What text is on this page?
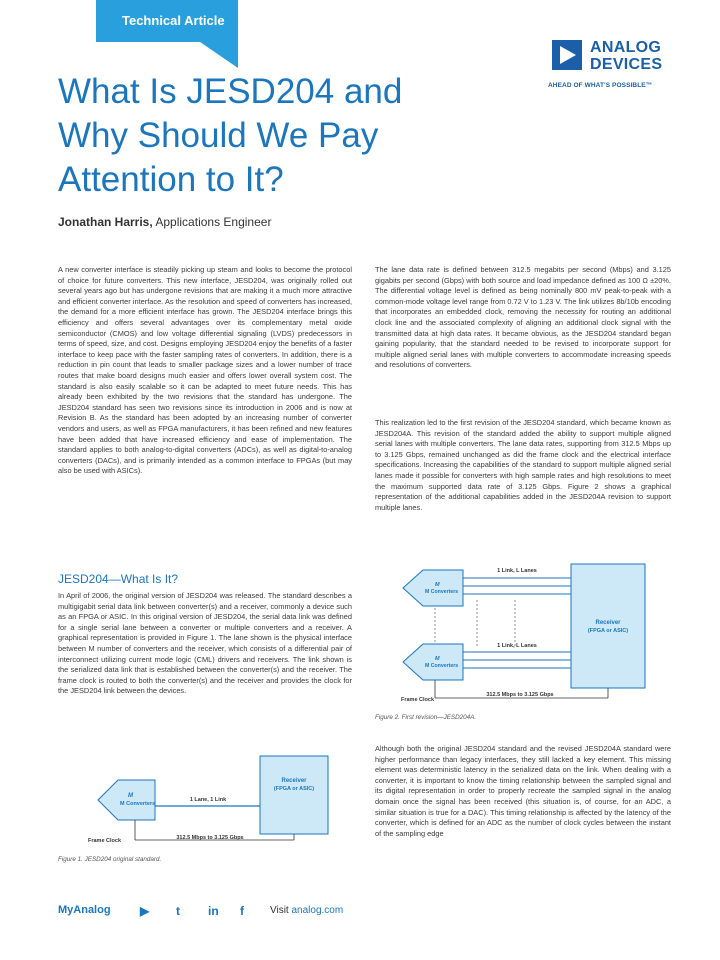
Technical Article
ANALOG
DEVICES
AHEAD OF WHAT'S POSSIBLE™
What Is JESD204 and Why Should We Pay Attention to It?
Jonathan Harris, Applications Engineer

A new converter interface is steadily picking up steam and looks to become the protocol of choice for future converters. This new interface, JESD204, was originally rolled out several years ago but has undergone revisions that are making it a much more attractive and efficient converter interface. As the resolution and speed of converters has increased, the demand for a more efficient interface has grown. The JESD204 interface brings this efficiency and offers several advantages over its complementary metal oxide semiconductor (CMOS) and low voltage differential signaling (LVDS) predecessors in terms of speed, size, and cost. Designs employing JESD204 enjoy the benefits of a faster interface to keep pace with the faster sampling rates of converters. In addition, there is a reduction in pin count that leads to smaller package sizes and a lower number of trace routes that make board designs much easier and offers lower overall system cost. The standard is also easily scalable so it can be adapted to meet future needs. This has already been exhibited by the two revisions that the standard has undergone. The JESD204 standard has seen two revisions since its introduction in 2006 and is now at Revision B. As the standard has been adopted by an increasing number of converter vendors and users, as well as FPGA manufacturers, it has been refined and new features have been added that have increased efficiency and ease of implementation. The standard applies to both analog-to-digital converters (ADCs), as well as digital-to-analog converters (DACs), and is primarily intended as a common interface to FPGAs (but may also be used with ASICs).

JESD204—What Is It?

In April of 2006, the original version of JESD204 was released. The standard describes a multigigabit serial data link between converter(s) and a receiver, commonly a device such as an FPGA or ASIC. In this original version of JESD204, the serial data link was defined for a single serial lane between a converter or multiple converters and a receiver. A graphical representation is provided in Figure 1. The lane shown is the physical interface between M number of converters and the receiver, which consists of a differential pair of interconnect utilizing current mode logic (CML) drivers and receivers. The link shown is the serialized data link that is established between the converter(s) and the receiver. The frame clock is routed to both the converter(s) and the receiver and provides the clock for the JESD204 link between the devices.

The lane data rate is defined between 312.5 megabits per second (Mbps) and 3.125 gigabits per second (Gbps) with both source and load impedance defined as 100 Ω ±20%. The differential voltage level is defined as being nominally 800 mV peak-to-peak with a common-mode voltage level range from 0.72 V to 1.23 V. The link utilizes 8b/10b encoding that incorporates an embedded clock, removing the necessity for routing an additional clock line and the associated complexity of aligning an additional clock signal with the transmitted data at high data rates. It became obvious, as the JESD204 standard began gaining popularity, that the standard needed to be revised to incorporate support for multiple aligned serial lanes with multiple converters to accommodate increasing speeds and resolutions of converters.

This realization led to the first revision of the JESD204 standard, which became known as JESD204A. This revision of the standard added the ability to support multiple aligned serial lanes with multiple converters. The lane data rates, supporting from 312.5 Mbps up to 3.125 Gbps, remained unchanged as did the frame clock and the electrical interface specifications. Increasing the capabilities of the standard to support multiple aligned serial lanes made it possible for converters with high sample rates and high resolutions to meet the maximum supported data rate of 3.125 Gbps. Figure 2 shows a graphical representation of the additional capabilities added in the JESD204A revision to support multiple lanes.

Although both the original JESD204 standard and the revised JESD204A standard were higher performance than legacy interfaces, they still lacked a key element. This missing element was deterministic latency in the serialized data on the link. When dealing with a converter, it is important to know the timing relationship between the sampled signal and its digital representation in order to properly recreate the sampled signal in the analog domain once the signal has been received (this situation is, of course, for an ADC, a similar situation is true for a DAC). This timing relationship is affected by the latency of the converter, which is defined for an ADC as the number of clock cycles between the instant of the sampling edge

M
M Converters
Receiver
(FPGA or ASIC)
1 Lane, 1 Link
Frame Clock	312.5 Mbps to 3.125 Gbps
Figure 1. JESD204 original standard.
M
M Converters
M
M Converters
Receiver
(FPGA or ASIC)
1 Link, L Lanes
1 Link, L Lanes
Frame Clock
312.5 Mbps to 3.125 Gbps
Figure 2. First revision—JESD204A.
MyAnalog ▶ t in f	Visit analog.com
